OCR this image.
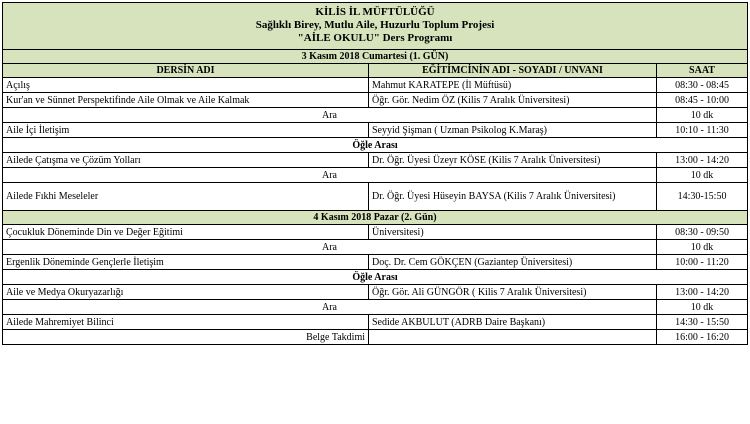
KİLİS İL MÜFTÜLÜĞÜ
Sağlıklı Birey, Mutlu Aile, Huzurlu Toplum Projesi
"AİLE OKULU" Ders Programı		

3 Kasım 2018 Cumartesi (1. GÜN)		
DERSİN ADI	EĞİTİMCİNİN ADI - SOYADI / UNVANI	SAAT
Açılış	Mahmut KARATEPE (İl Müftüsü)	08:30 - 08:45
Kur'an ve Sünnet Perspektifinde Aile Olmak ve Aile Kalmak	Öğr. Gör. Nedim ÖZ (Kilis 7 Aralık Üniversitesi)	08:45 - 10:00
Ara		10 dk
Aile İçi İletişim	Seyyid Şişman ( Uzman Psikolog K.Maraş)	10:10 - 11:30
Öğle Arası		
Ailede Çatışma ve Çözüm Yolları	Dr. Öğr. Üyesi Üzeyr KÖSE (Kilis 7 Aralık Üniversitesi)	13:00 - 14:20
Ara		10 dk
Ailede Fıkhi Meseleler	Dr. Öğr. Üyesi Hüseyin BAYSA (Kilis 7 Aralık Üniversitesi)	14:30-15:50
4 Kasım 2018 Pazar (2. Gün)		
Çocukluk Döneminde Din ve Değer Eğitimi	Üniversitesi)	08:30 - 09:50
Ara		10 dk
Ergenlik Döneminde Gençlerle İletişim	Doç. Dr. Cem GÖKÇEN (Gaziantep Üniversitesi)	10:00 - 11:20
Öğle Arası		
Aile ve Medya Okuryazarlığı	Öğr. Gör. Ali GÜNGÖR ( Kilis 7 Aralık Üniversitesi)	13:00 - 14:20
Ara		10 dk
Ailede Mahremiyet Bilinci	Sedide AKBULUT (ADRB Daire Başkanı)	14:30 - 15:50
Belge Takdimi		16:00 - 16:20
